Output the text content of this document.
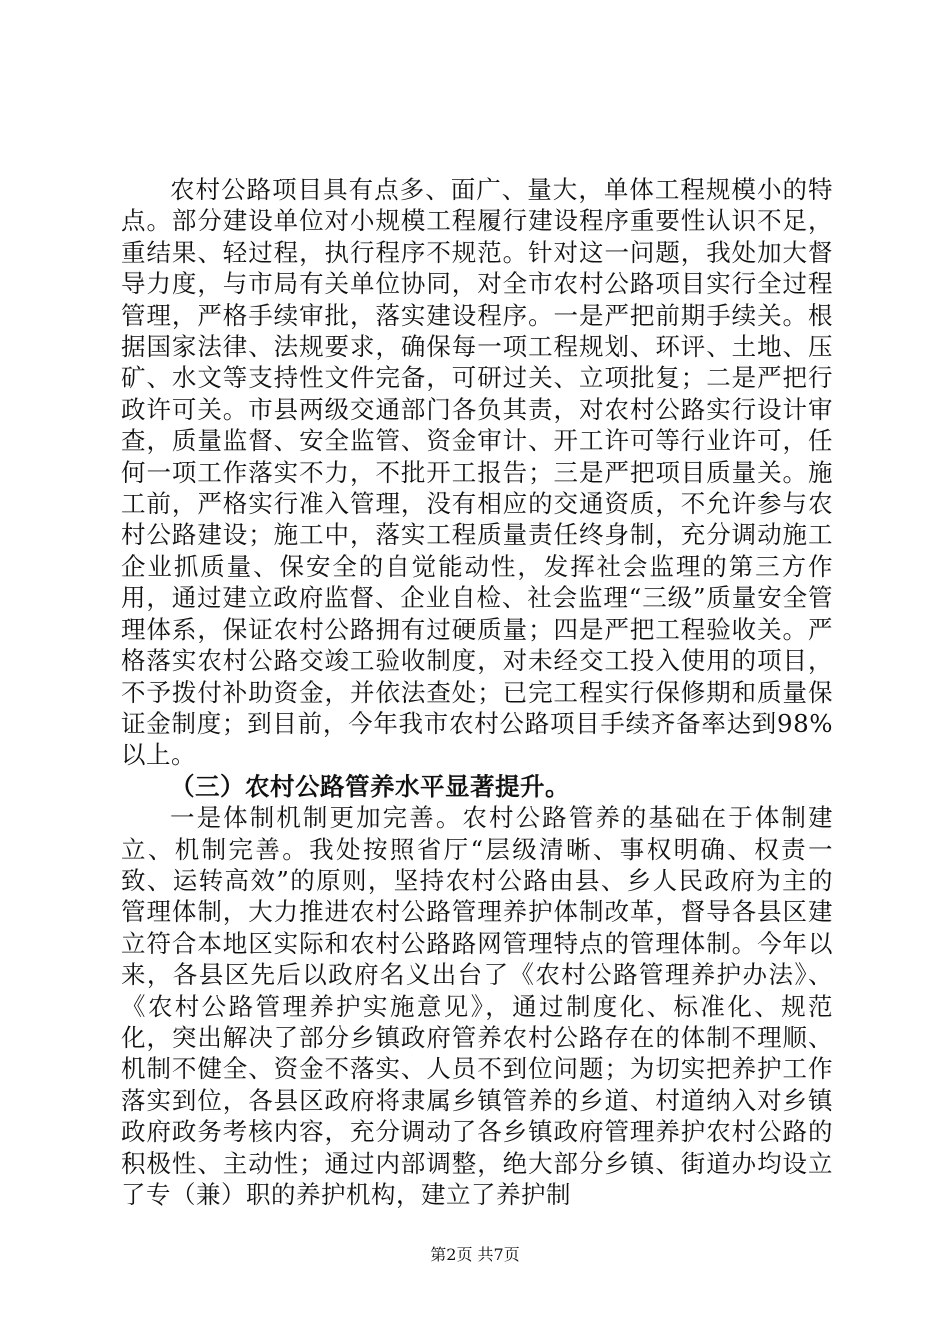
农村公路项目具有点多、面广、量大，单体工程规模小的特点。部分建设单位对小规模工程履行建设程序重要性认识不足，重结果、轻过程，执行程序不规范。针对这一问题，我处加大督导力度，与市局有关单位协同，对全市农村公路项目实行全过程管理，严格手续审批，落实建设程序。一是严把前期手续关。根据国家法律、法规要求，确保每一项工程规划、环评、土地、压矿、水文等支持性文件完备，可研过关、立项批复；二是严把行政许可关。市县两级交通部门各负其责，对农村公路实行设计审查，质量监督、安全监管、资金审计、开工许可等行业许可，任何一项工作落实不力，不批开工报告；三是严把项目质量关。施工前，严格实行准入管理，没有相应的交通资质，不允许参与农村公路建设；施工中，落实工程质量责任终身制，充分调动施工企业抓质量、保安全的自觉能动性，发挥社会监理的第三方作用，通过建立政府监督、企业自检、社会监理“三级”质量安全管理体系，保证农村公路拥有过硬质量；四是严把工程验收关。严格落实农村公路交竣工验收制度，对未经交工投入使用的项目，不予拨付补助资金，并依法查处；已完工程实行保修期和质量保证金制度；到目前，今年我市农村公路项目手续齐备率达到98%以上。

（三）农村公路管养水平显著提升。

一是体制机制更加完善。农村公路管养的基础在于体制建立、机制完善。我处按照省厅“层级清晰、事权明确、权责一致、运转高效”的原则，坚持农村公路由县、乡人民政府为主的管理体制，大力推进农村公路管理养护体制改革，督导各县区建立符合本地区实际和农村公路路网管理特点的管理体制。今年以来，各县区先后以政府名义出台了《农村公路管理养护办法》、《农村公路管理养护实施意见》，通过制度化、标准化、规范化，突出解决了部分乡镇政府管养农村公路存在的体制不理顺、机制不健全、资金不落实、人员不到位问题；为切实把养护工作落实到位，各县区政府将隶属乡镇管养的乡道、村道纳入对乡镇政府政务考核内容，充分调动了各乡镇政府管理养护农村公路的积极性、主动性；通过内部调整，绝大部分乡镇、街道办均设立了专（兼）职的养护机构，建立了养护制

第2页 共7页
